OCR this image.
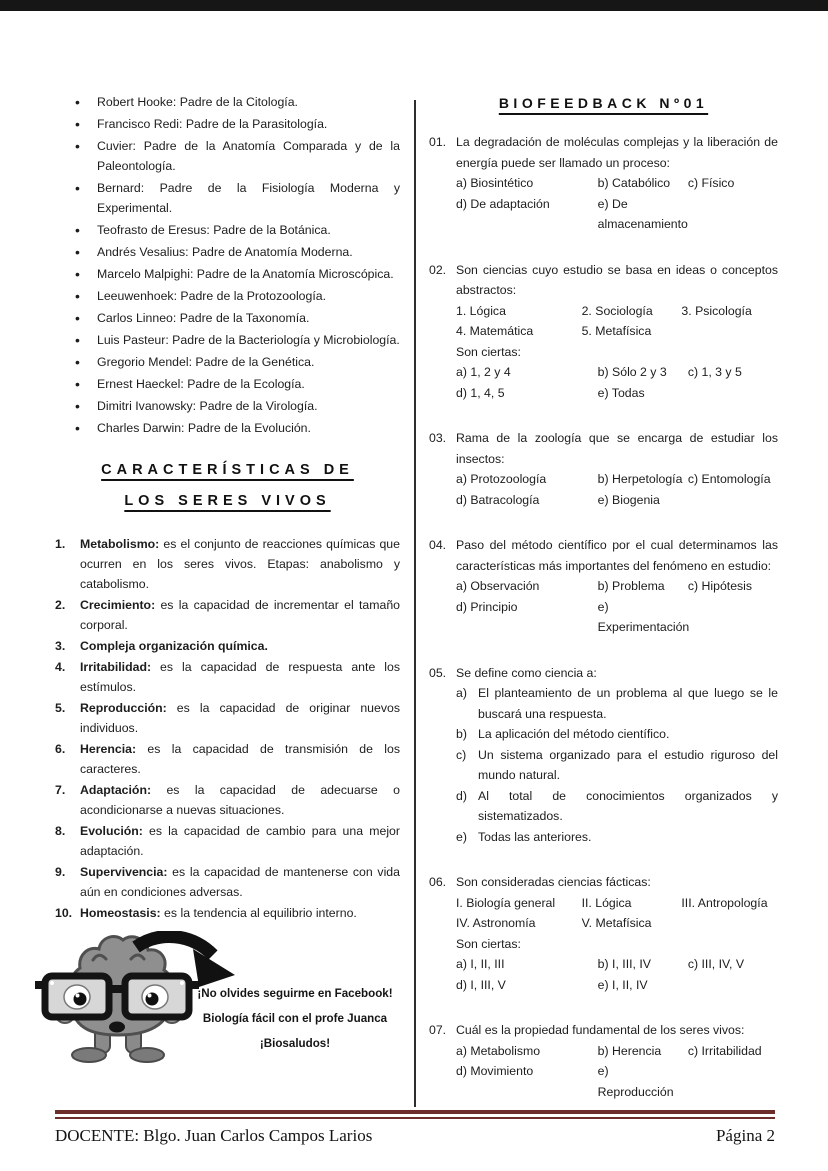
• Robert Hooke: Padre de la Citología.
• Francisco Redi: Padre de la Parasitología.
• Cuvier: Padre de la Anatomía Comparada y de la Paleontología.
• Bernard: Padre de la Fisiología Moderna y Experimental.
• Teofrasto de Eresus: Padre de la Botánica.
• Andrés Vesalius: Padre de Anatomía Moderna.
• Marcelo Malpighi: Padre de la Anatomía Microscópica.
• Leeuwenhoek: Padre de la Protozoología.
• Carlos Linneo: Padre de la Taxonomía.
• Luis Pasteur: Padre de la Bacteriología y Microbiología.
• Gregorio Mendel: Padre de la Genética.
• Ernest Haeckel: Padre de la Ecología.
• Dimitri Ivanowsky: Padre de la Virología.
• Charles Darwin: Padre de la Evolución.
CARACTERÍSTICAS DE
LOS SERES VIVOS
1.	Metabolismo: es el conjunto de reacciones químicas que ocurren en los seres vivos. Etapas: anabolismo y catabolismo.
2.	Crecimiento: es la capacidad de incrementar el tamaño corporal.
3.	Compleja organización química.
4.	Irritabilidad: es la capacidad de respuesta ante los estímulos.
5.	Reproducción: es la capacidad de originar nuevos individuos.
6.	Herencia: es la capacidad de transmisión de los caracteres.
7.	Adaptación: es la capacidad de adecuarse o acondicionarse a nuevas situaciones.
8.	Evolución: es la capacidad de cambio para una mejor adaptación.
9.	Supervivencia: es la capacidad de mantenerse con vida aún en condiciones adversas.
10. Homeostasis: es la tendencia al equilibrio interno.
¡No olvides seguirme en Facebook!
Biología fácil con el profe Juanca
¡Biosaludos!
BIOFEEDBACK Nº01
01. La degradación de moléculas complejas y la liberación de energía puede ser llamado un proceso:
a) Biosintético	b) Catabólico	c) Físico
d) De adaptación	e) De almacenamiento
02. Son ciencias cuyo estudio se basa en ideas o conceptos abstractos:
1. Lógica	2. Sociología	3. Psicología
4. Matemática	5. Metafísica
Son ciertas:
a) 1, 2 y 4	b) Sólo 2 y 3	c) 1, 3 y 5
d) 1, 4, 5	e) Todas
03. Rama de la zoología que se encarga de estudiar los insectos:
a) Protozoología	b) Herpetología c) Entomología
d) Batracología	e) Biogenia
04. Paso del método científico por el cual determinamos las características más importantes del fenómeno en estudio:
a) Observación	b) Problema	c) Hipótesis
d) Principio	e) Experimentación
05. Se define como ciencia a:
a) El planteamiento de un problema al que luego se le buscará una respuesta.
b) La aplicación del método científico.
c) Un sistema organizado para el estudio riguroso del mundo natural.
d) Al total de conocimientos organizados y sistematizados.
e) Todas las anteriores.
06. Son consideradas ciencias fácticas:
I. Biología general	II. Lógica	III. Antropología
IV. Astronomía	V. Metafísica
Son ciertas:
a) I, II, III	b) I, III, IV	c) III, IV, V
d) I, III, V	e) I, II, IV
07. Cuál es la propiedad fundamental de los seres vivos:
a) Metabolismo	b) Herencia	c) Irritabilidad
d) Movimiento	e) Reproducción
DOCENTE: Blgo. Juan Carlos Campos Larios	Página 2
